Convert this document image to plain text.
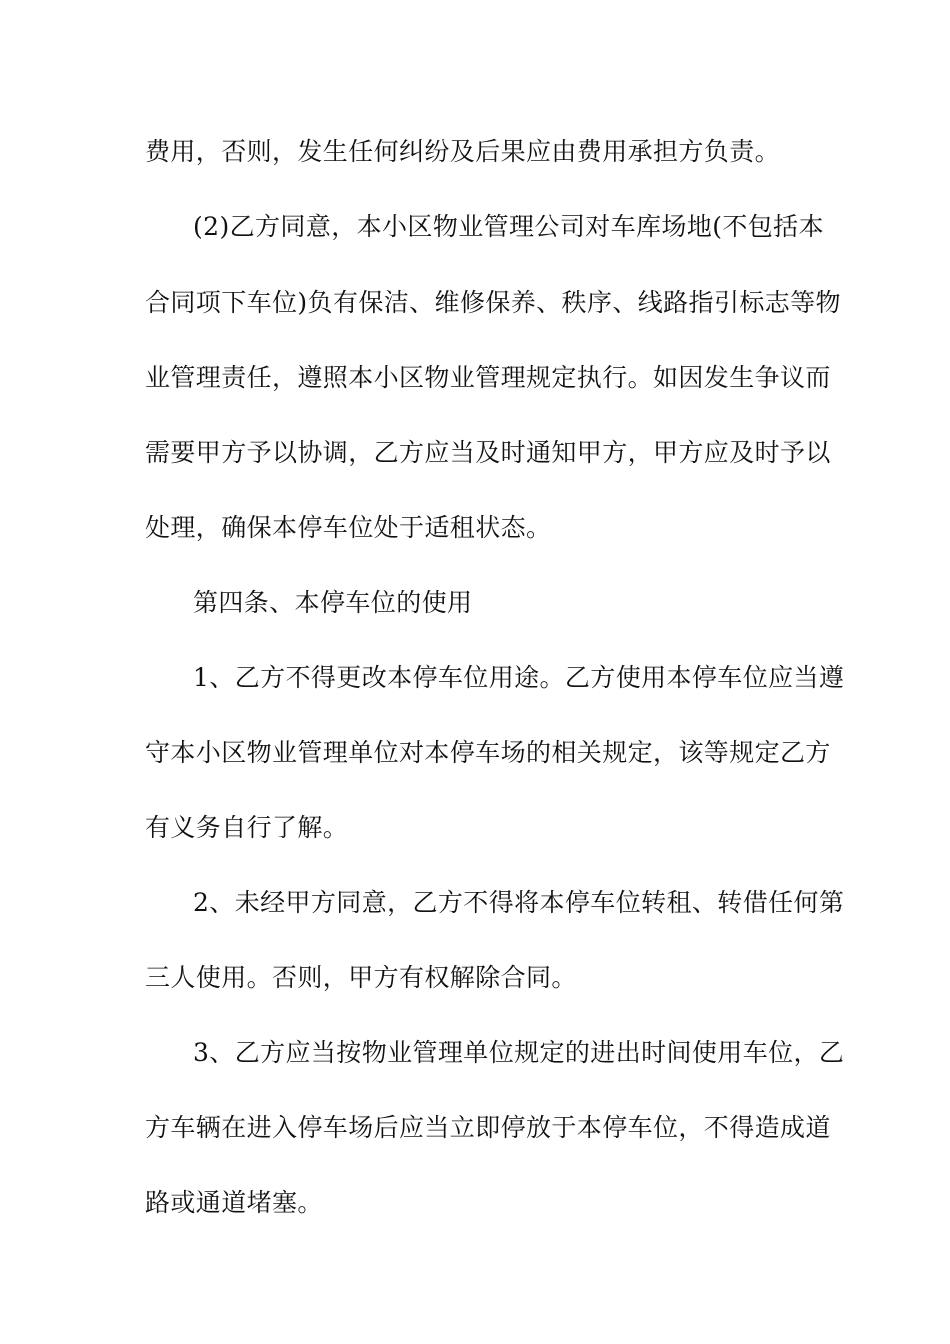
费用，否则，发生任何纠纷及后果应由费用承担方负责。
(2)乙方同意，本小区物业管理公司对车库场地(不包括本
合同项下车位)负有保洁、维修保养、秩序、线路指引标志等物
业管理责任，遵照本小区物业管理规定执行。如因发生争议而
需要甲方予以协调，乙方应当及时通知甲方，甲方应及时予以
处理，确保本停车位处于适租状态。
第四条、本停车位的使用
1、乙方不得更改本停车位用途。乙方使用本停车位应当遵
守本小区物业管理单位对本停车场的相关规定，该等规定乙方
有义务自行了解。
2、未经甲方同意，乙方不得将本停车位转租、转借任何第
三人使用。否则，甲方有权解除合同。
3、乙方应当按物业管理单位规定的进出时间使用车位，乙
方车辆在进入停车场后应当立即停放于本停车位，不得造成道
路或通道堵塞。
